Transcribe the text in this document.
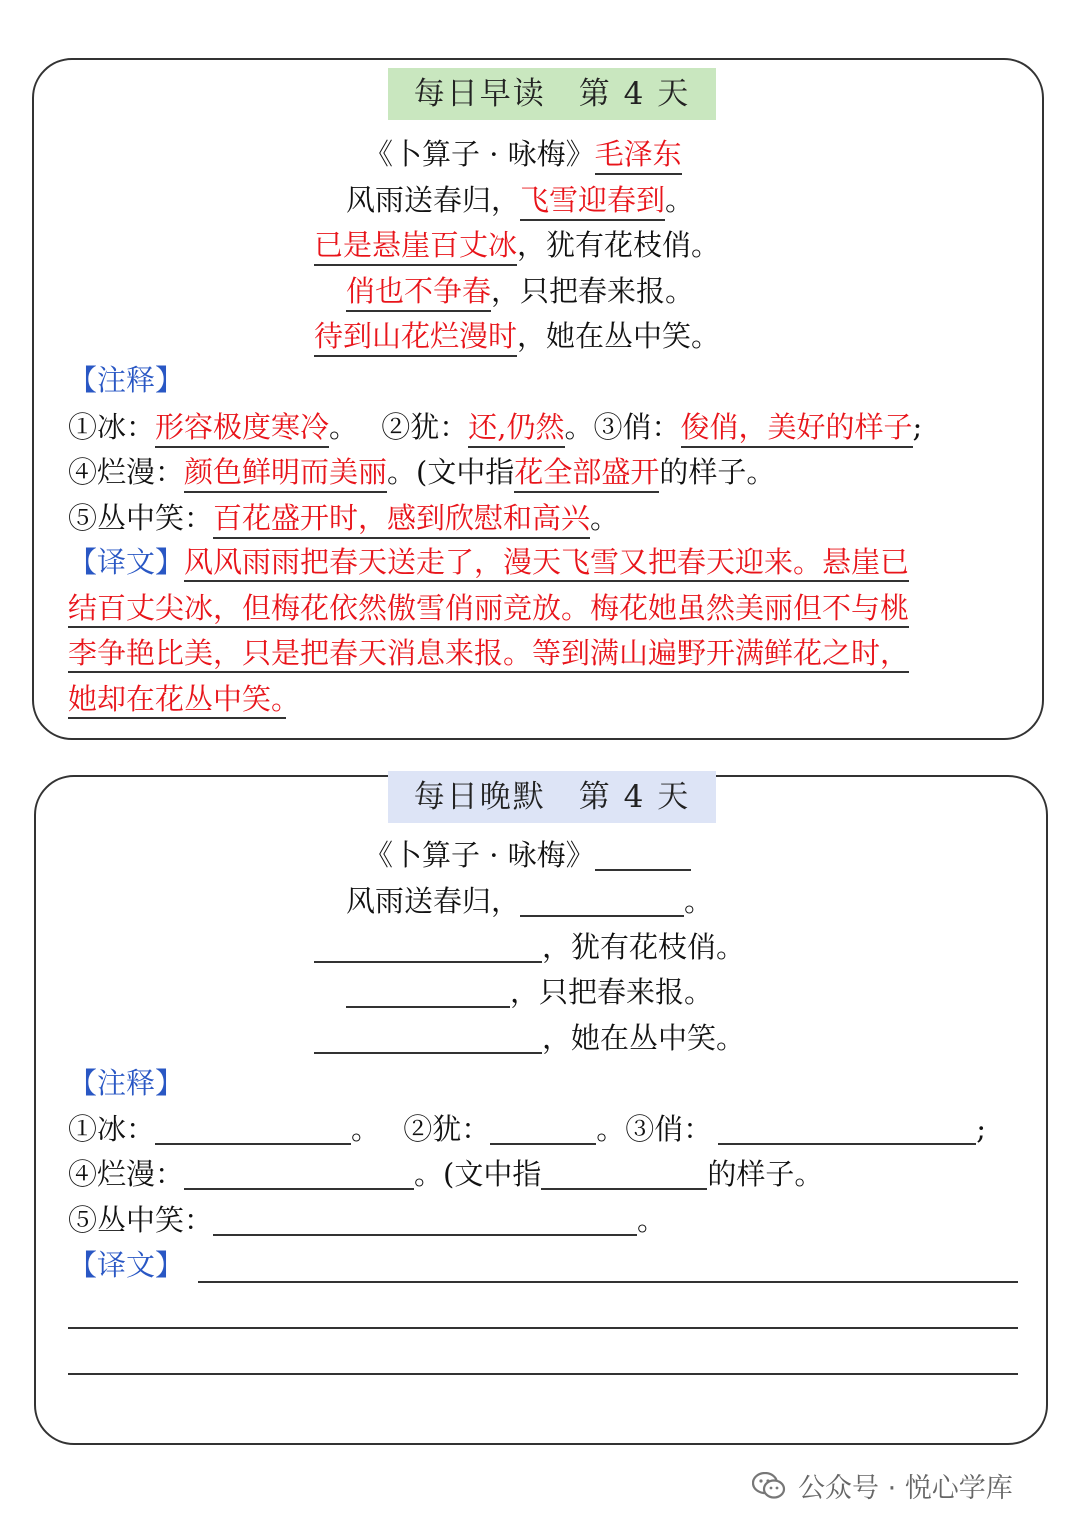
每日早读　第 4 天
《卜算子 · 咏梅》毛泽东
风雨送春归，飞雪迎春到。
已是悬崖百丈冰，犹有花枝俏。
俏也不争春，只把春来报。
待到山花烂漫时，她在丛中笑。
【注释】
①冰：形容极度寒冷。 ②犹：还,仍然。③俏：俊俏，美好的样子;
④烂漫：颜色鲜明而美丽。(文中指花全部盛开的样子。
⑤丛中笑：百花盛开时，感到欣慰和高兴。
【译文】风风雨雨把春天送走了，漫天飞雪又把春天迎来。悬崖已
结百丈尖冰，但梅花依然傲雪俏丽竞放。梅花她虽然美丽但不与桃
李争艳比美，只是把春天消息来报。等到满山遍野开满鲜花之时，
她却在花丛中笑。　
每日晚默　第 4 天
《卜算子 · 咏梅》
风雨送春归，	。
，犹有花枝俏。
，只把春来报。
，她在丛中笑。
【注释】
①冰：	。 ②犹：	。③俏：	;
④烂漫：	。(文中指	的样子。
⑤丛中笑：	。
【译文】
公众号 · 悦心学库
